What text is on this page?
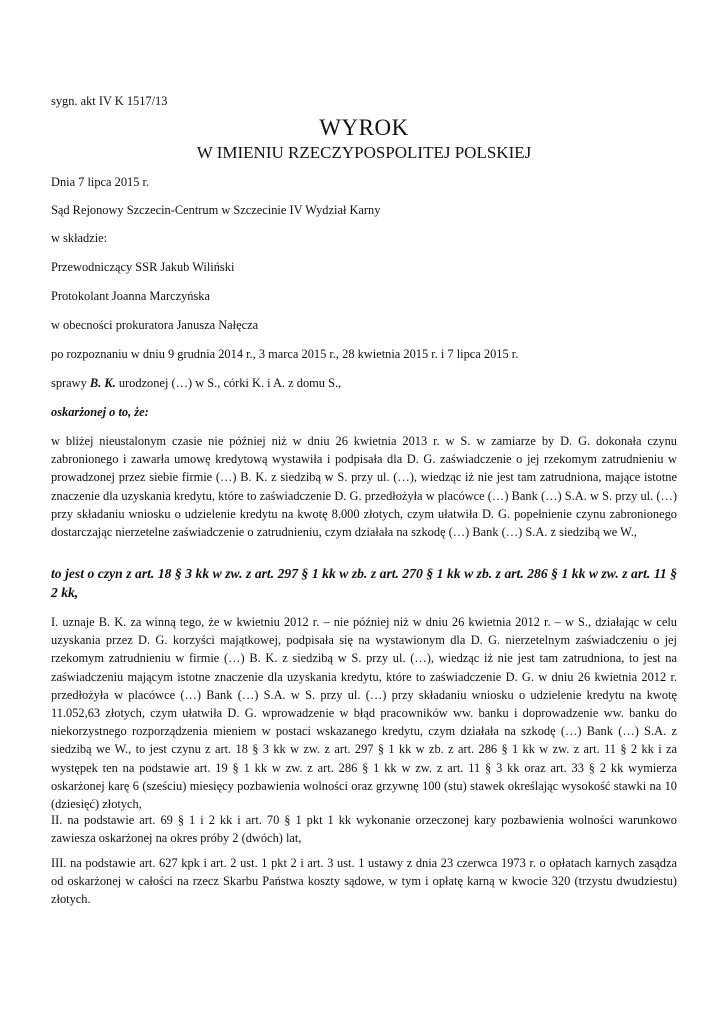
sygn. akt IV K 1517/13
WYROK
W IMIENIU RZECZYPOSPOLITEJ POLSKIEJ
Dnia 7 lipca 2015 r.
Sąd Rejonowy Szczecin-Centrum w Szczecinie IV Wydział Karny
w składzie:
Przewodniczący SSR Jakub Wiliński
Protokolant Joanna Marczyńska
w obecności prokuratora Janusza Nałęcza
po rozpoznaniu w dniu 9 grudnia 2014 r., 3 marca 2015 r., 28 kwietnia 2015 r. i 7 lipca 2015 r.
sprawy B. K. urodzonej (…) w S., córki K. i A. z domu S.,
oskarżonej o to, że:

w bliżej nieustalonym czasie nie później niż w dniu 26 kwietnia 2013 r. w S. w zamiarze by D. G. dokonała czynu zabronionego i zawarła umowę kredytową wystawiła i podpisała dla D. G. zaświadczenie o jej rzekomym zatrudnieniu w prowadzonej przez siebie firmie (…) B. K. z siedzibą w S. przy ul. (…), wiedząc iż nie jest tam zatrudniona, mające istotne znaczenie dla uzyskania kredytu, które to zaświadczenie D. G. przedłożyła w placówce (…) Bank (…) S.A. w S. przy ul. (…) przy składaniu wniosku o udzielenie kredytu na kwotę 8.000 złotych, czym ułatwiła D. G. popełnienie czynu zabronionego dostarczając nierzetelne zaświadczenie o zatrudnieniu, czym działała na szkodę (…) Bank (…) S.A. z siedzibą we W.,

to jest o czyn z art. 18 § 3 kk w zw. z art. 297 § 1 kk w zb. z art. 270 § 1 kk w zb. z art. 286 § 1 kk w zw. z art. 11 § 2 kk,

I. uznaje B. K. za winną tego, że w kwietniu 2012 r. – nie później niż w dniu 26 kwietnia 2012 r. – w S., działając w celu uzyskania przez D. G. korzyści majątkowej, podpisała się na wystawionym dla D. G. nierzetelnym zaświadczeniu o jej rzekomym zatrudnieniu w firmie (…) B. K. z siedzibą w S. przy ul. (…), wiedząc iż nie jest tam zatrudniona, to jest na zaświadczeniu mającym istotne znaczenie dla uzyskania kredytu, które to zaświadczenie D. G. w dniu 26 kwietnia 2012 r. przedłożyła w placówce (…) Bank (…) S.A. w S. przy ul. (…) przy składaniu wniosku o udzielenie kredytu na kwotę 11.052,63 złotych, czym ułatwiła D. G. wprowadzenie w błąd pracowników ww. banku i doprowadzenie ww. banku do niekorzystnego rozporządzenia mieniem w postaci wskazanego kredytu, czym działała na szkodę (…) Bank (…) S.A. z siedzibą we W., to jest czynu z art. 18 § 3 kk w zw. z art. 297 § 1 kk w zb. z art. 286 § 1 kk w zw. z art. 11 § 2 kk i za występek ten na podstawie art. 19 § 1 kk w zw. z art. 286 § 1 kk w zw. z art. 11 § 3 kk oraz art. 33 § 2 kk wymierza oskarżonej karę 6 (sześciu) miesięcy pozbawienia wolności oraz grzywnę 100 (stu) stawek określając wysokość stawki na 10 (dziesięć) złotych,

II. na podstawie art. 69 § 1 i 2 kk i art. 70 § 1 pkt 1 kk wykonanie orzeczonej kary pozbawienia wolności warunkowo zawiesza oskarżonej na okres próby 2 (dwóch) lat,

III. na podstawie art. 627 kpk i art. 2 ust. 1 pkt 2 i art. 3 ust. 1 ustawy z dnia 23 czerwca 1973 r. o opłatach karnych zasądza od oskarżonej w całości na rzecz Skarbu Państwa koszty sądowe, w tym i opłatę karną w kwocie 320 (trzystu dwudziestu) złotych.
